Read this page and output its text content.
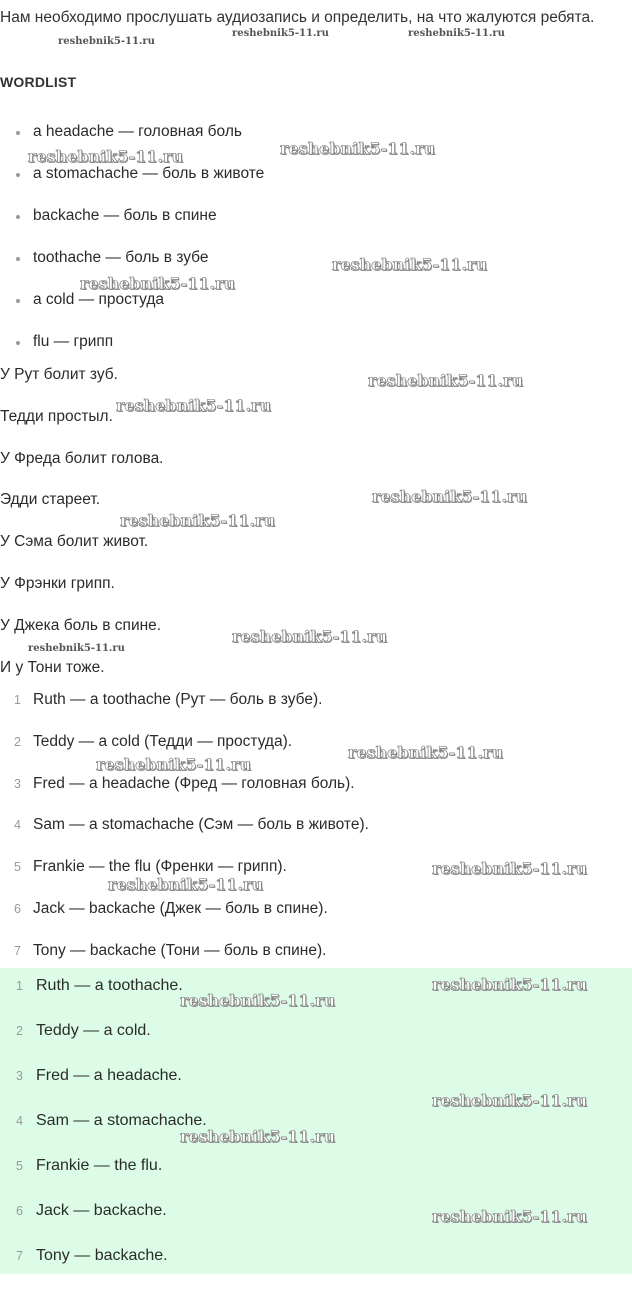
Нам необходимо прослушать аудиозапись и определить, на что жалуются ребята.
WORDLIST
a headache — головная боль
a stomachache — боль в животе
backache — боль в спине
toothache — боль в зубе
a cold — простуда
flu — грипп

У Рут болит зуб.

Тедди простыл.

У Фреда болит голова.

Эдди стареет.

У Сэма болит живот.

У Фрэнки грипп.

У Джека боль в спине.

И у Тони тоже.

1 Ruth — a toothache (Рут — боль в зубе).
2 Teddy — a cold (Тедди — простуда).
3 Fred — a headache (Фред — головная боль).
4 Sam — a stomachache (Сэм — боль в животе).
5 Frankie — the flu (Френки — грипп).
6 Jack — backache (Джек — боль в спине).
7 Tony — backache (Тони — боль в спине).
1 Ruth — a toothache.
2 Teddy — a cold.
3 Fred — a headache.
4 Sam — a stomachache.
5 Frankie — the flu.
6 Jack — backache.
7 Tony — backache.
reshebnik5-11.ru
reshebnik5-11.ru	reshebnik5-11.ru
reshebnik5-11.ru	reshebnik5-11.ru
reshebnik5-11.ru
reshebnik5-11.ru
reshebnik5-11.ru
reshebnik5-11.ru
reshebnik5-11.ru
reshebnik5-11.ru
reshebnik5-11.ru
reshebnik5-11.ru
reshebnik5-11.ru
reshebnik5-11.ru
reshebnik5-11.ru
reshebnik5-11.ru
reshebnik5-11.ru
reshebnik5-11.ru
reshebnik5-11.ru
reshebnik5-11.ru
reshebnik5-11.ru
